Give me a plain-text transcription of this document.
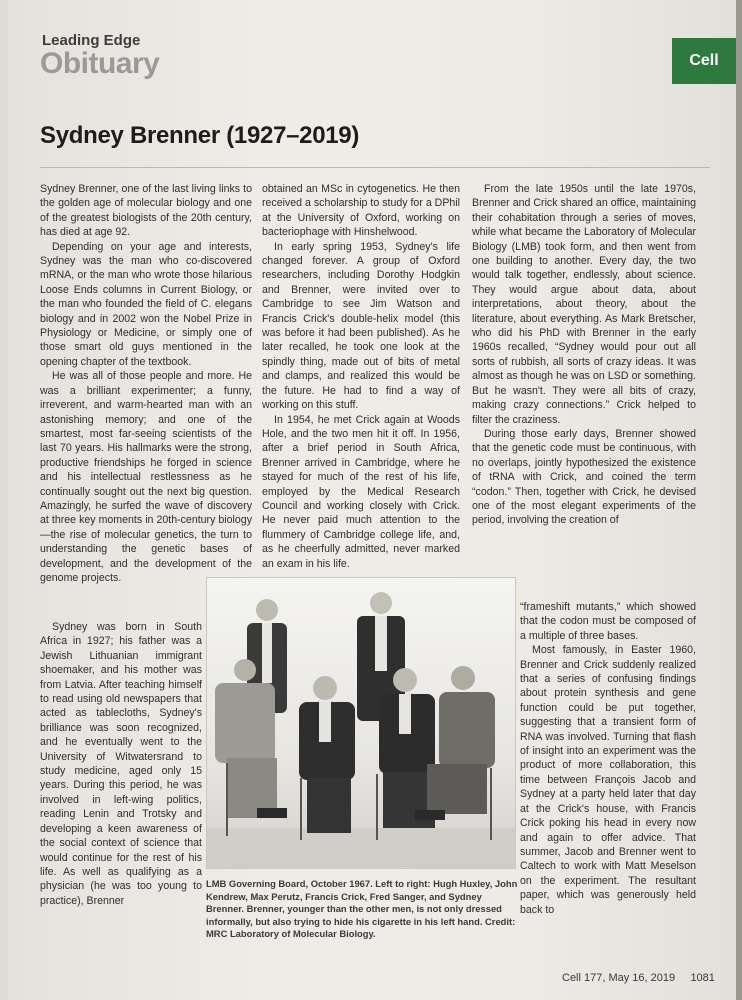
Leading Edge
Obituary	Cell
Sydney Brenner (1927–2019)

Sydney Brenner, one of the last living links to the golden age of molecular biology and one of the greatest biologists of the 20th century, has died at age 92.

Depending on your age and interests, Sydney was the man who co-discovered mRNA, or the man who wrote those hilarious Loose Ends columns in Current Biology, or the man who founded the field of C. elegans biology and in 2002 won the Nobel Prize in Physiology or Medicine, or simply one of those smart old guys mentioned in the opening chapter of the textbook.

He was all of those people and more. He was a brilliant experimenter; a funny, irreverent, and warm-hearted man with an astonishing memory; and one of the smartest, most far-seeing scientists of the last 70 years. His hallmarks were the strong, productive friendships he forged in science and his intellectual restlessness as he continually sought out the next big question. Amazingly, he surfed the wave of discovery at three key moments in 20th-century biology—the rise of molecular genetics, the turn to understanding the genetic bases of development, and the development of the genome projects.

Sydney was born in South Africa in 1927; his father was a Jewish Lithuanian immigrant shoemaker, and his mother was from Latvia. After teaching himself to read using old newspapers that acted as tablecloths, Sydney's brilliance was soon recognized, and he eventually went to the University of Witwatersrand to study medicine, aged only 15 years. During this period, he was involved in left-wing politics, reading Lenin and Trotsky and developing a keen awareness of the social context of science that would continue for the rest of his life. As well as qualifying as a physician (he was too young to practice), Brenner

obtained an MSc in cytogenetics. He then received a scholarship to study for a DPhil at the University of Oxford, working on bacteriophage with Hinshelwood.

In early spring 1953, Sydney's life changed forever. A group of Oxford researchers, including Dorothy Hodgkin and Brenner, were invited over to Cambridge to see Jim Watson and Francis Crick's double-helix model (this was before it had been published). As he later recalled, he took one look at the spindly thing, made out of bits of metal and clamps, and realized this would be the future. He had to find a way of working on this stuff.

In 1954, he met Crick again at Woods Hole, and the two men hit it off. In 1956, after a brief period in South Africa, Brenner arrived in Cambridge, where he stayed for much of the rest of his life, employed by the Medical Research Council and working closely with Crick. He never paid much attention to the flummery of Cambridge college life, and, as he cheerfully admitted, never marked an exam in his life.

From the late 1950s until the late 1970s, Brenner and Crick shared an office, maintaining their cohabitation through a series of moves, while what became the Laboratory of Molecular Biology (LMB) took form, and then went from one building to another. Every day, the two would talk together, endlessly, about science. They would argue about data, about interpretations, about theory, about the literature, about everything. As Mark Bretscher, who did his PhD with Brenner in the early 1960s recalled, “Sydney would pour out all sorts of rubbish, all sorts of crazy ideas. It was almost as though he was on LSD or something. But he wasn't. They were all bits of crazy, making crazy connections.” Crick helped to filter the craziness.

During those early days, Brenner showed that the genetic code must be continuous, with no overlaps, jointly hypothesized the existence of tRNA with Crick, and coined the term “codon.” Then, together with Crick, he devised one of the most elegant experiments of the period, involving the creation of

“frameshift mutants,” which showed that the codon must be composed of a multiple of three bases.

Most famously, in Easter 1960, Brenner and Crick suddenly realized that a series of confusing findings about protein synthesis and gene function could be put together, suggesting that a transient form of RNA was involved. Turning that flash of insight into an experiment was the product of more collaboration, this time between François Jacob and Sydney at a party held later that day at the Crick's house, with Francis Crick poking his head in every now and again to offer advice. That summer, Jacob and Brenner went to Caltech to work with Matt Meselson on the experiment. The resultant paper, which was generously held back to

LMB Governing Board, October 1967. Left to right: Hugh Huxley, John Kendrew, Max Perutz, Francis Crick, Fred Sanger, and Sydney Brenner. Brenner, younger than the other men, is not only dressed informally, but also trying to hide his cigarette in his left hand. Credit: MRC Laboratory of Molecular Biology.
Cell 177, May 16, 2019 1081
